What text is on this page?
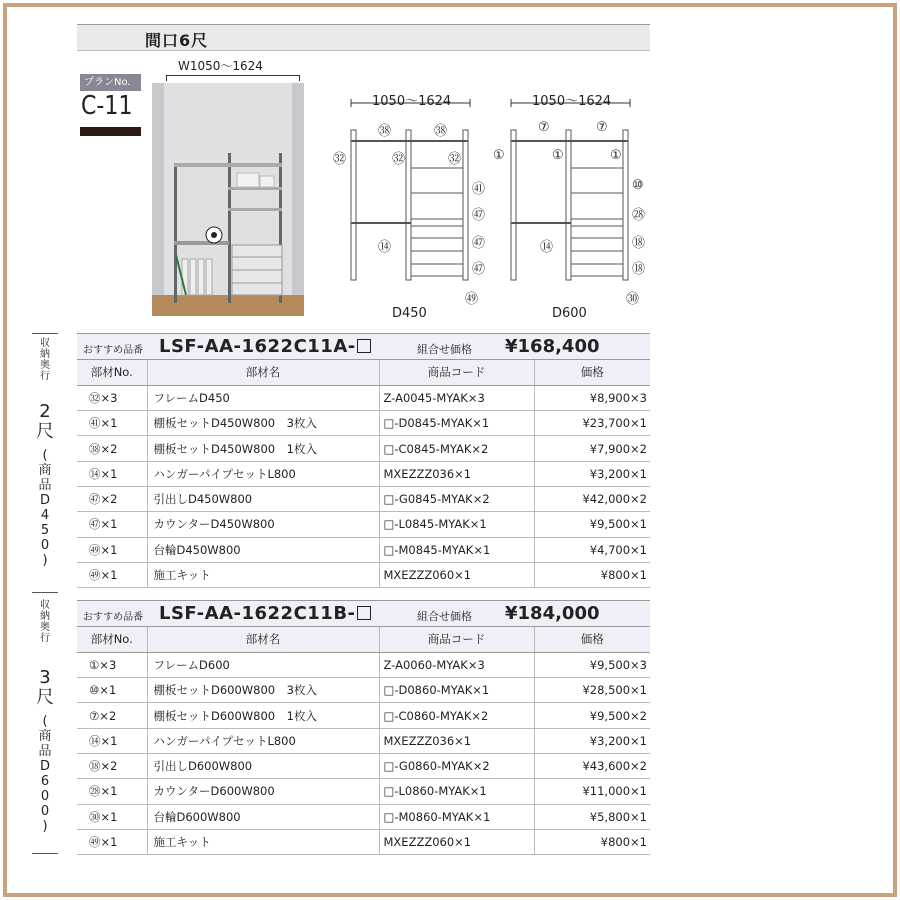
間口6尺
プランNo.
C-11
W1050〜1624
1050〜1624
D450
㊳	㊳
㉜	㉜	㉜
㊶
㊼
⑭	㊼
㊼
㊾
1050〜1624
D600
⑦	⑦
①	①	①
⑩
㉘
⑭	⑱
⑱
㉚
収
納
奥
行
2
尺
(
商
品
D
4
5
0
)
おすすめ品番 LSF-AA-1622C11A-	組合せ価格 ¥168,400
部材No.	部材名	商品コード	価格
㉜×3	フレームD450	Z-A0045-MYAK×3	¥8,900×3
㊶×1	棚板セットD450W800　3枚入	□-D0845-MYAK×1	¥23,700×1
㊳×2	棚板セットD450W800　1枚入	□-C0845-MYAK×2	¥7,900×2
⑭×1	ハンガーパイプセットL800	MXEZZZ036×1	¥3,200×1
㊼×2	引出しD450W800	□-G0845-MYAK×2	¥42,000×2
㊼×1	カウンターD450W800	□-L0845-MYAK×1	¥9,500×1
㊾×1	台輪D450W800	□-M0845-MYAK×1	¥4,700×1
㊾×1	施工キット	MXEZZZ060×1	¥800×1
収
納
奥
行
3
尺
(
商
品
D
6
0
0
)
おすすめ品番 LSF-AA-1622C11B-	組合せ価格 ¥184,000
部材No.	部材名	商品コード	価格
①×3	フレームD600	Z-A0060-MYAK×3	¥9,500×3
⑩×1	棚板セットD600W800　3枚入	□-D0860-MYAK×1	¥28,500×1
⑦×2	棚板セットD600W800　1枚入	□-C0860-MYAK×2	¥9,500×2
⑭×1	ハンガーパイプセットL800	MXEZZZ036×1	¥3,200×1
⑱×2	引出しD600W800	□-G0860-MYAK×2	¥43,600×2
㉘×1	カウンターD600W800	□-L0860-MYAK×1	¥11,000×1
㉚×1	台輪D600W800	□-M0860-MYAK×1	¥5,800×1
㊾×1	施工キット	MXEZZZ060×1	¥800×1
